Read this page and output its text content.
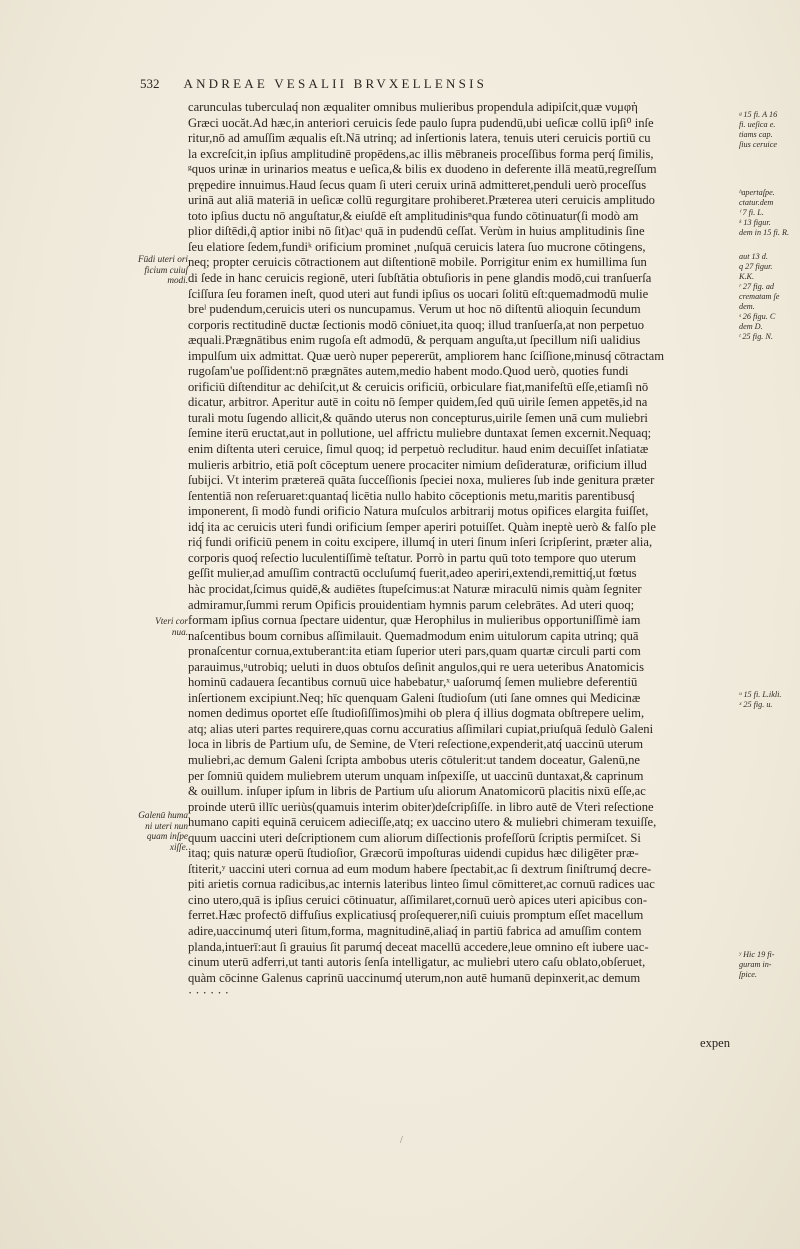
532 ANDREAE VESALII BRVXELLENSIS
carunculas tuberculaq́ non æqualiter omnibus mulieribus propendula adipiſcit,quæ νυμφὴ
Græci uocăt.Ad hæc,in anteriori ceruicis ſede paulo ſupra pudendū,ubi ueſicæ collū ipſi⁰ inſe
ritur,nō ad amuſſim æqualis eſt.Nā utrinq; ad inſertionis latera, tenuis uteri ceruicis portiū cu
la excreſcit,in ipſius amplitudinē propēdens,ac illis mēbraneis proceſſibus forma perq́ ſimilis,
ᵍquos urinæ in urinarios meatus e ueſica,& bilis ex duodeno in deferente illā meatū,regreſſum
prępedire innuimus.Haud ſecus quam ſi uteri ceruix urinā admitteret,penduli uerò proceſſus
urinā aut aliā materiā in ueſicæ collū regurgitare prohiberet.Præterea uteri ceruicis amplitudo
toto ipſius ductu nō anguſtatur,& eiuſdē eſt amplitudinisⁿqua fundo cōtinuatur(ſi modò am
plior diſtēdi,q̃ aptior inibi nō ſit)acᶦ quā in pudendū ceſſat. Verùm in huius amplitudinis ſine
ſeu elatiore ſedem,fundiᵏ orificium prominet ,nuſquā ceruicis latera ſuo mucrone cōtingens,
neq; propter ceruicis cōtractionem aut diſtentionē mobile. Porrigitur enim ex humillima ſun
di ſede in hanc ceruicis regionē, uteri ſubſtătia obtuſioris in pene glandis modō,cui tranſuerſa
ſciſſura ſeu foramen ineſt, quod uteri aut fundi ipſius os uocari ſolitū eſt:quemadmodū mulie
breˡ pudendum,ceruicis uteri os nuncupamus. Verum ut hoc nō diſtentū alioquin ſecundum
corporis rectitudinē ductæ ſectionis modō cōniuet,ita quoq; illud tranſuerſa,at non perpetuo
æquali.Prægnātibus enim rugoſa eſt admodū, & perquam anguſta,ut ſpecillum niſi ualidius
impulſum uix admittat. Quæ uerò nuper pepererūt, ampliorem hanc ſciſſione,minusq́ cōtractam
rugoſam'ue poſſident:nō prægnātes autem,medio habent modo.Quod uerò, quoties fundi
orificiū diſtenditur ac dehiſcit,ut & ceruicis orificiū, orbiculare fiat,manifeſtū eſſe,etiamſi nō
dicatur, arbitror. Aperitur autē in coitu nō ſemper quidem,ſed quū uirile ſemen appetēs,id na
turali motu ſugendo allicit,& quāndo uterus non concepturus,uirile ſemen unā cum muliebri
ſemine iterū eructat,aut in pollutione, uel affrictu muliebre duntaxat ſemen excernit.Nequaq;
enim diſtenta uteri ceruice, ſimul quoq; id perpetuò recluditur. haud enim decuiſſet inſatiatæ
mulieris arbitrio, etiā poſt cōceptum uenere procaciter nimium deſideraturæ, orificium illud
ſubijci. Vt interim prætereā quāta ſucceſſionis ſpeciei noxa, mulieres ſub inde genitura præter
ſententiā non reſeruaret:quantaq́ licētia nullo habito cōceptionis metu,maritis parentibusq́
imponerent, ſi modò fundi orificio Natura muſculos arbitrarij motus opifices elargita fuiſſet,
idq́ ita ac ceruicis uteri fundi orificium ſemper aperiri potuiſſet. Quàm ineptè uerò & falſo ple
riq́ fundi orificiū penem in coitu excipere, illumq́ in uteri ſinum inſeri ſcripſerint, præter alia,
corporis quoq́ reſectio luculentiſſimè teſtatur. Porrò in partu quū toto tempore quo uterum
geſſit mulier,ad amuſſim contractū occluſumq́ fuerit,adeo aperiri,extendi,remittiq́,ut fœtus
hàc procidat,ſcimus quidē,& audiētes ſtupeſcimus:at Naturæ miraculū nimis quàm ſegniter
admiramur,ſummi rerum Opificis prouidentiam hymnis parum celebrātes. Ad uteri quoq;
formam ipſius cornua ſpectare uidentur, quæ Herophilus in mulieribus opportuniſſimè iam
naſcentibus boum cornibus aſſimilauit. Quemadmodum enim uitulorum capita utrinq; quā
pronaſcentur cornua,extuberant:ita etiam ſuperior uteri pars,quam quartæ circuli parti com
parauimus,ᵘutrobiq; ueluti in duos obtuſos deſinit angulos,qui re uera ueteribus Anatomicis
hominū cadauera ſecantibus cornuū uice habebatur,ˣ uaſorumq́ ſemen muliebre deferentiū
inſertionem excipiunt.Neq; hīc quenquam Galeni ſtudioſum (uti ſane omnes qui Medicinæ
nomen dedimus oportet eſſe ſtudioſiſſimos)mihi ob plera q́ illius dogmata obſtrepere uelim,
atq; alias uteri partes requirere,quas cornu accuratius aſſimilari cupiat,priuſquā ſedulò Galeni
loca in libris de Partium uſu, de Semine, de Vteri reſectione,expenderit,atq́ uaccinū uterum
muliebri,ac demum Galeni ſcripta ambobus uteris cōtulerit:ut tandem doceatur, Galenū,ne
per ſomniū quidem muliebrem uterum unquam inſpexiſſe, ut uaccinū duntaxat,& caprinum
& ouillum. inſuper ipſum in libris de Partium uſu aliorum Anatomicorū placitis nixū eſſe,ac
proinde uterū illīc ueriùs(quamuis interim obiter)deſcripſiſſe. in libro autē de Vteri reſectione
humano capiti equinā ceruicem adieciſſe,atq; ex uaccino utero & muliebri chimeram texuiſſe,
quum uaccini uteri deſcriptionem cum aliorum diſſectionis profeſſorū ſcriptis permiſcet. Si
itaq; quis naturæ operū ſtudioſior, Græcorū impoſturas uidendi cupidus hæc diligēter præ-
ſtiterit,ʸ uaccini uteri cornua ad eum modum habere ſpectabit,ac ſi dextrum ſiniſtrumq́ decre-
piti arietis cornua radicibus,ac internis lateribus linteo ſimul cōmitteret,ac cornuū radices uac
cino utero,quā is ipſius ceruici cōtinuatur, aſſimilaret,cornuū uerò apices uteri apicibus con-
ferret.Hæc profectō diffuſius explicatiusq́ proſequerer,niſi cuiuis promptum eſſet macellum
adire,uaccinumq́ uteri ſitum,forma, magnitudinē,aliaq́ in partiū fabrica ad amuſſim contem
planda,intuerī:aut ſi grauius ſit parumq́ deceat macellū accedere,leue omnino eſt iubere uac-
cinum uterū adferri,ut tanti autoris ſenſa intelligatur, ac muliebri utero caſu oblato,obſeruet,
quàm cōcinne Galenus caprinū uaccinumq́ uterum,non autē humanū depinxerit,ac demum
· · · · · ·
Fūdi uteri ori
ficium cuiuſ
modi.
Vteri cor
nua.
Galenū huma
ni uteri nun
quam inſpe
xiſſe.
ᵍ 15 fi. A 16
fi. ueſica e.
tiams cap.
ſius ceruice
ʰapertaſpe.
ctatur.dem
ⁱ 7 fi. L.
ᵏ 13 figur.
dem in 15 fi. R.
aut 13 d.
q 27 figur.
K.K.
ʳ 27 fig. ad
crematam ſe
dem.
ˢ 26 figu. C
dem D.
ᵗ 25 fig. N.
ᵘ 15 fi. L.ikli.
ˣ 25 fig. u.
ʸ Hic 19 fi-
guram in-
ſpice.
expen
/
